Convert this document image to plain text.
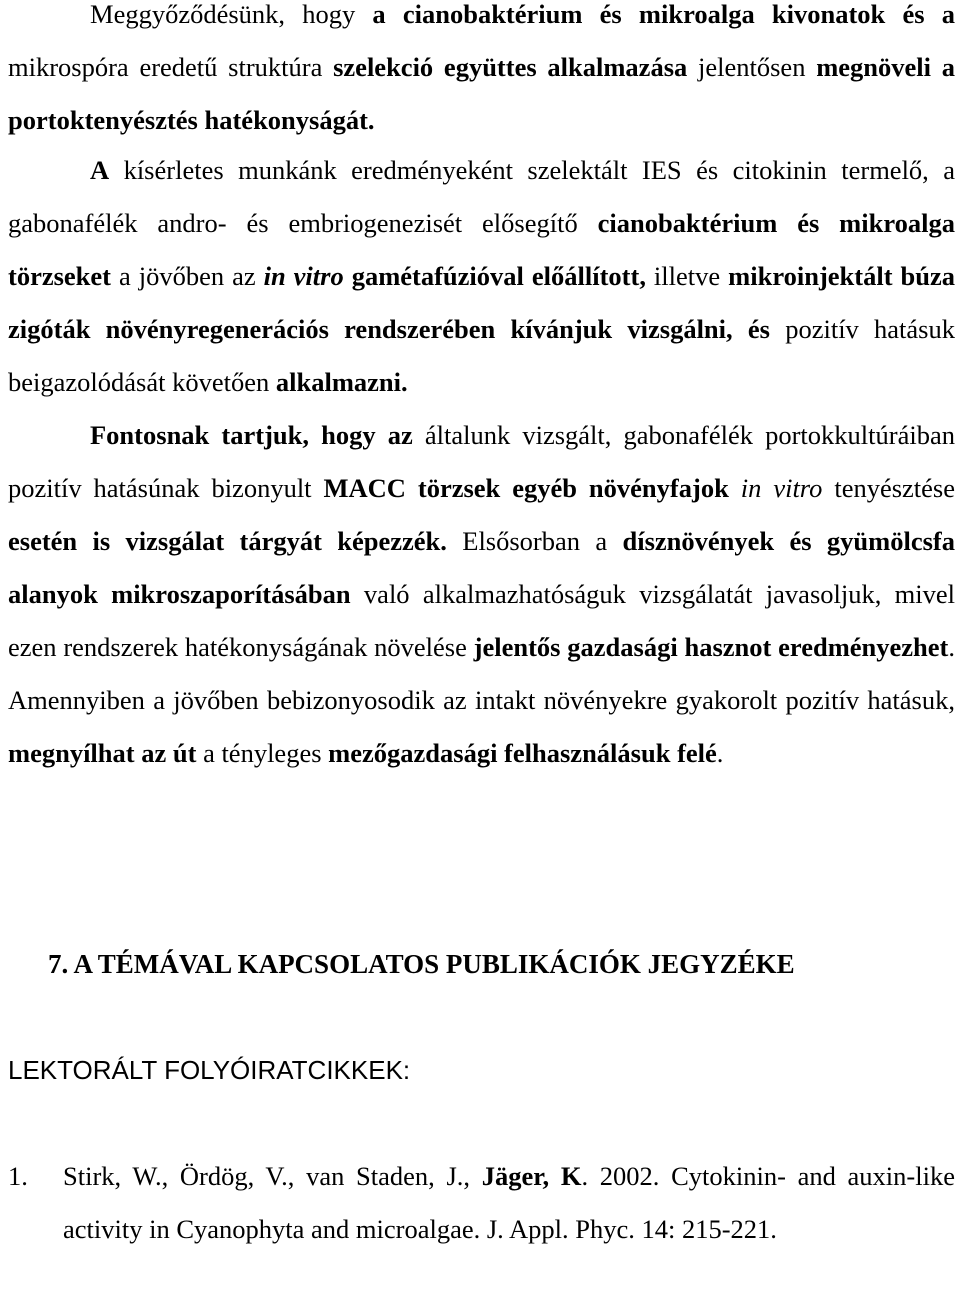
Meggyőződésünk, hogy a cianobaktérium és mikroalga kivonatok és a mikrospóra eredetű struktúra szelekció együttes alkalmazása jelentősen megnöveli a portoktenyésztés hatékonyságát.

A kísérletes munkánk eredményeként szelektált IES és citokinin termelő, a gabonafélék andro- és embriogenezisét elősegítő cianobaktérium és mikroalga törzseket a jövőben az in vitro gamétafúzióval előállított, illetve mikroinjektált búza zigóták növényregenerációs rendszerében kívánjuk vizsgálni, és pozitív hatásuk beigazolódását követően alkalmazni.

Fontosnak tartjuk, hogy az általunk vizsgált, gabonafélék portokkultúráiban pozitív hatásúnak bizonyult MACC törzsek egyéb növényfajok in vitro tenyésztése esetén is vizsgálat tárgyát képezzék. Elsősorban a dísznövények és gyümölcsfa alanyok mikroszaporításában való alkalmazhatóságuk vizsgálatát javasoljuk, mivel ezen rendszerek hatékonyságának növelése jelentős gazdasági hasznot eredményezhet. Amennyiben a jövőben bebizonyosodik az intakt növényekre gyakorolt pozitív hatásuk, megnyílhat az út a tényleges mezőgazdasági felhasználásuk felé.

7. A TÉMÁVAL KAPCSOLATOS PUBLIKÁCIÓK JEGYZÉKE
LEKTORÁLT FOLYÓIRATCIKKEK:
1. Stirk, W., Ördög, V., van Staden, J., Jäger, K. 2002. Cytokinin- and auxin-like activity in Cyanophyta and microalgae. J. Appl. Phyc. 14: 215-221.
